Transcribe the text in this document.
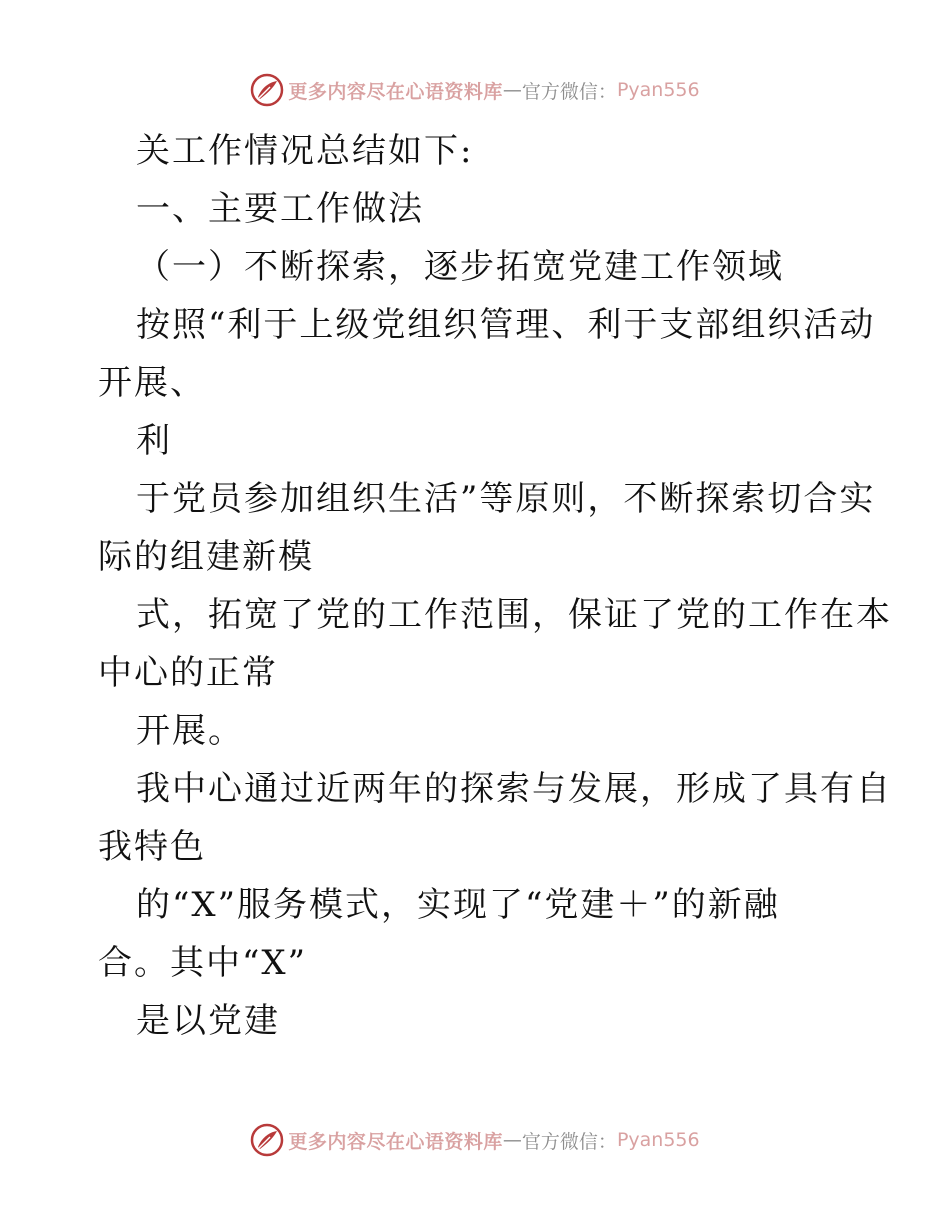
更多内容尽在心语资料库 — 官方微信： Pyan556
关工作情况总结如下:
一、主要工作做法
（一）不断探索，逐步拓宽党建工作领域
按照“利于上级党组织管理、利于支部组织活动
开展、
利
于党员参加组织生活”等原则，不断探索切合实
际的组建新模
式，拓宽了党的工作范围，保证了党的工作在本
中心的正常
开展。
我中心通过近两年的探索与发展，形成了具有自
我特色
的“X”服务模式，实现了“党建＋”的新融
合。其中“X”
是以党建
更多内容尽在心语资料库 — 官方微信： Pyan556
